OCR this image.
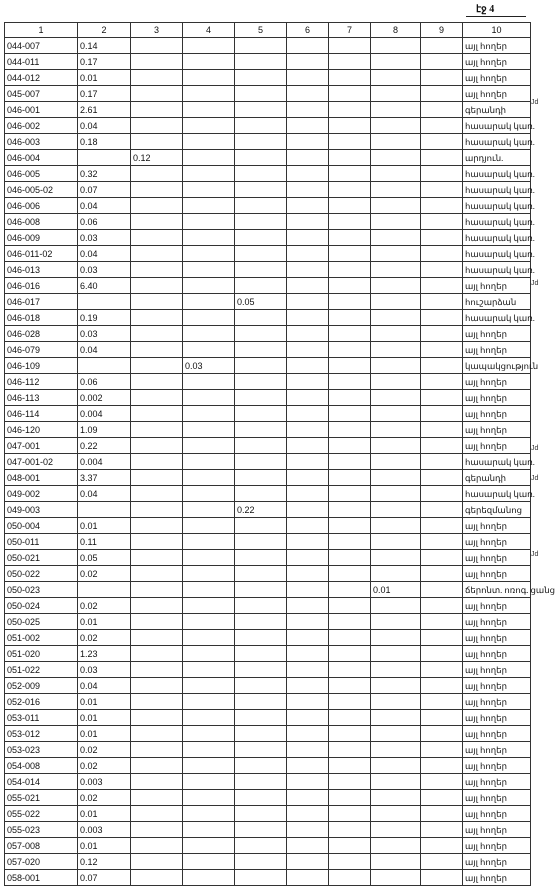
էջ 4
1	2	3	4	5	6	7	8	9	10
044-007	0.14								այլ հողեր
044-011	0.17								այլ հողեր
044-012	0.01								այլ հողեր
045-007	0.17								այլ հողեր
046-001	2.61								գերանդի
046-002	0.04								հասարակ կառ.
046-003	0.18								հասարակ կառ.
046-004		0.12							արդյուն.
046-005	0.32								հասարակ կառ.
046-005-02	0.07								հասարակ կառ.
046-006	0.04								հասարակ կառ.
046-008	0.06								հասարակ կառ.
046-009	0.03								հասարակ կառ.
046-011-02	0.04								հասարակ կառ.
046-013	0.03								հասարակ կառ.
046-016	6.40								այլ հողեր
046-017				0.05					հուշարձան
046-018	0.19								հասարակ կառ.
046-028	0.03								այլ հողեր
046-079	0.04								այլ հողեր
046-109			0.03						կապակցություն
046-112	0.06								այլ հողեր
046-113	0.002								այլ հողեր
046-114	0.004								այլ հողեր
046-120	1.09								այլ հողեր
047-001	0.22								այլ հողեր
047-001-02	0.004								հասարակ կառ.
048-001	3.37								գերանդի
049-002	0.04								հասարակ կառ.
049-003				0.22					գերեզմանոց
050-004	0.01								այլ հողեր
050-011	0.11								այլ հողեր
050-021	0.05								այլ հողեր
050-022	0.02								այլ հողեր
050-023							0.01		ճերոնտ. ոռոգ. ցանց
050-024	0.02								այլ հողեր
050-025	0.01								այլ հողեր
051-002	0.02								այլ հողեր
051-020	1.23								այլ հողեր
051-022	0.03								այլ հողեր
052-009	0.04								այլ հողեր
052-016	0.01								այլ հողեր
053-011	0.01								այլ հողեր
053-012	0.01								այլ հողեր
053-023	0.02								այլ հողեր
054-008	0.02								այլ հողեր
054-014	0.003								այլ հողեր
055-021	0.02								այլ հողեր
055-022	0.01								այլ հողեր
055-023	0.003								այլ հողեր
057-008	0.01								այլ հողեր
057-020	0.12								այլ հողեր
058-001	0.07								այլ հողեր
Jd
Jd
Jd
Jd
Jd
